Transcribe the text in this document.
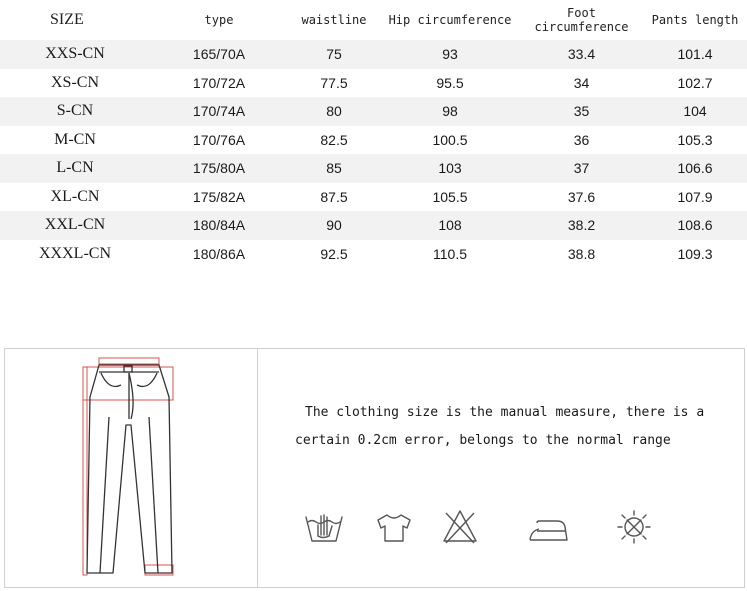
SIZE	type	waistline	Hip circumference	Foot circumference	Pants length
XXS-CN	165/70A	75	93	33.4	101.4
XS-CN	170/72A	77.5	95.5	34	102.7
S-CN	170/74A	80	98	35	104
M-CN	170/76A	82.5	100.5	36	105.3
L-CN	175/80A	85	103	37	106.6
XL-CN	175/82A	87.5	105.5	37.6	107.9
XXL-CN	180/84A	90	108	38.2	108.6
XXXL-CN	180/86A	92.5	110.5	38.8	109.3
The clothing size is the manual measure, there is a
certain 0.2cm error, belongs to the normal range
